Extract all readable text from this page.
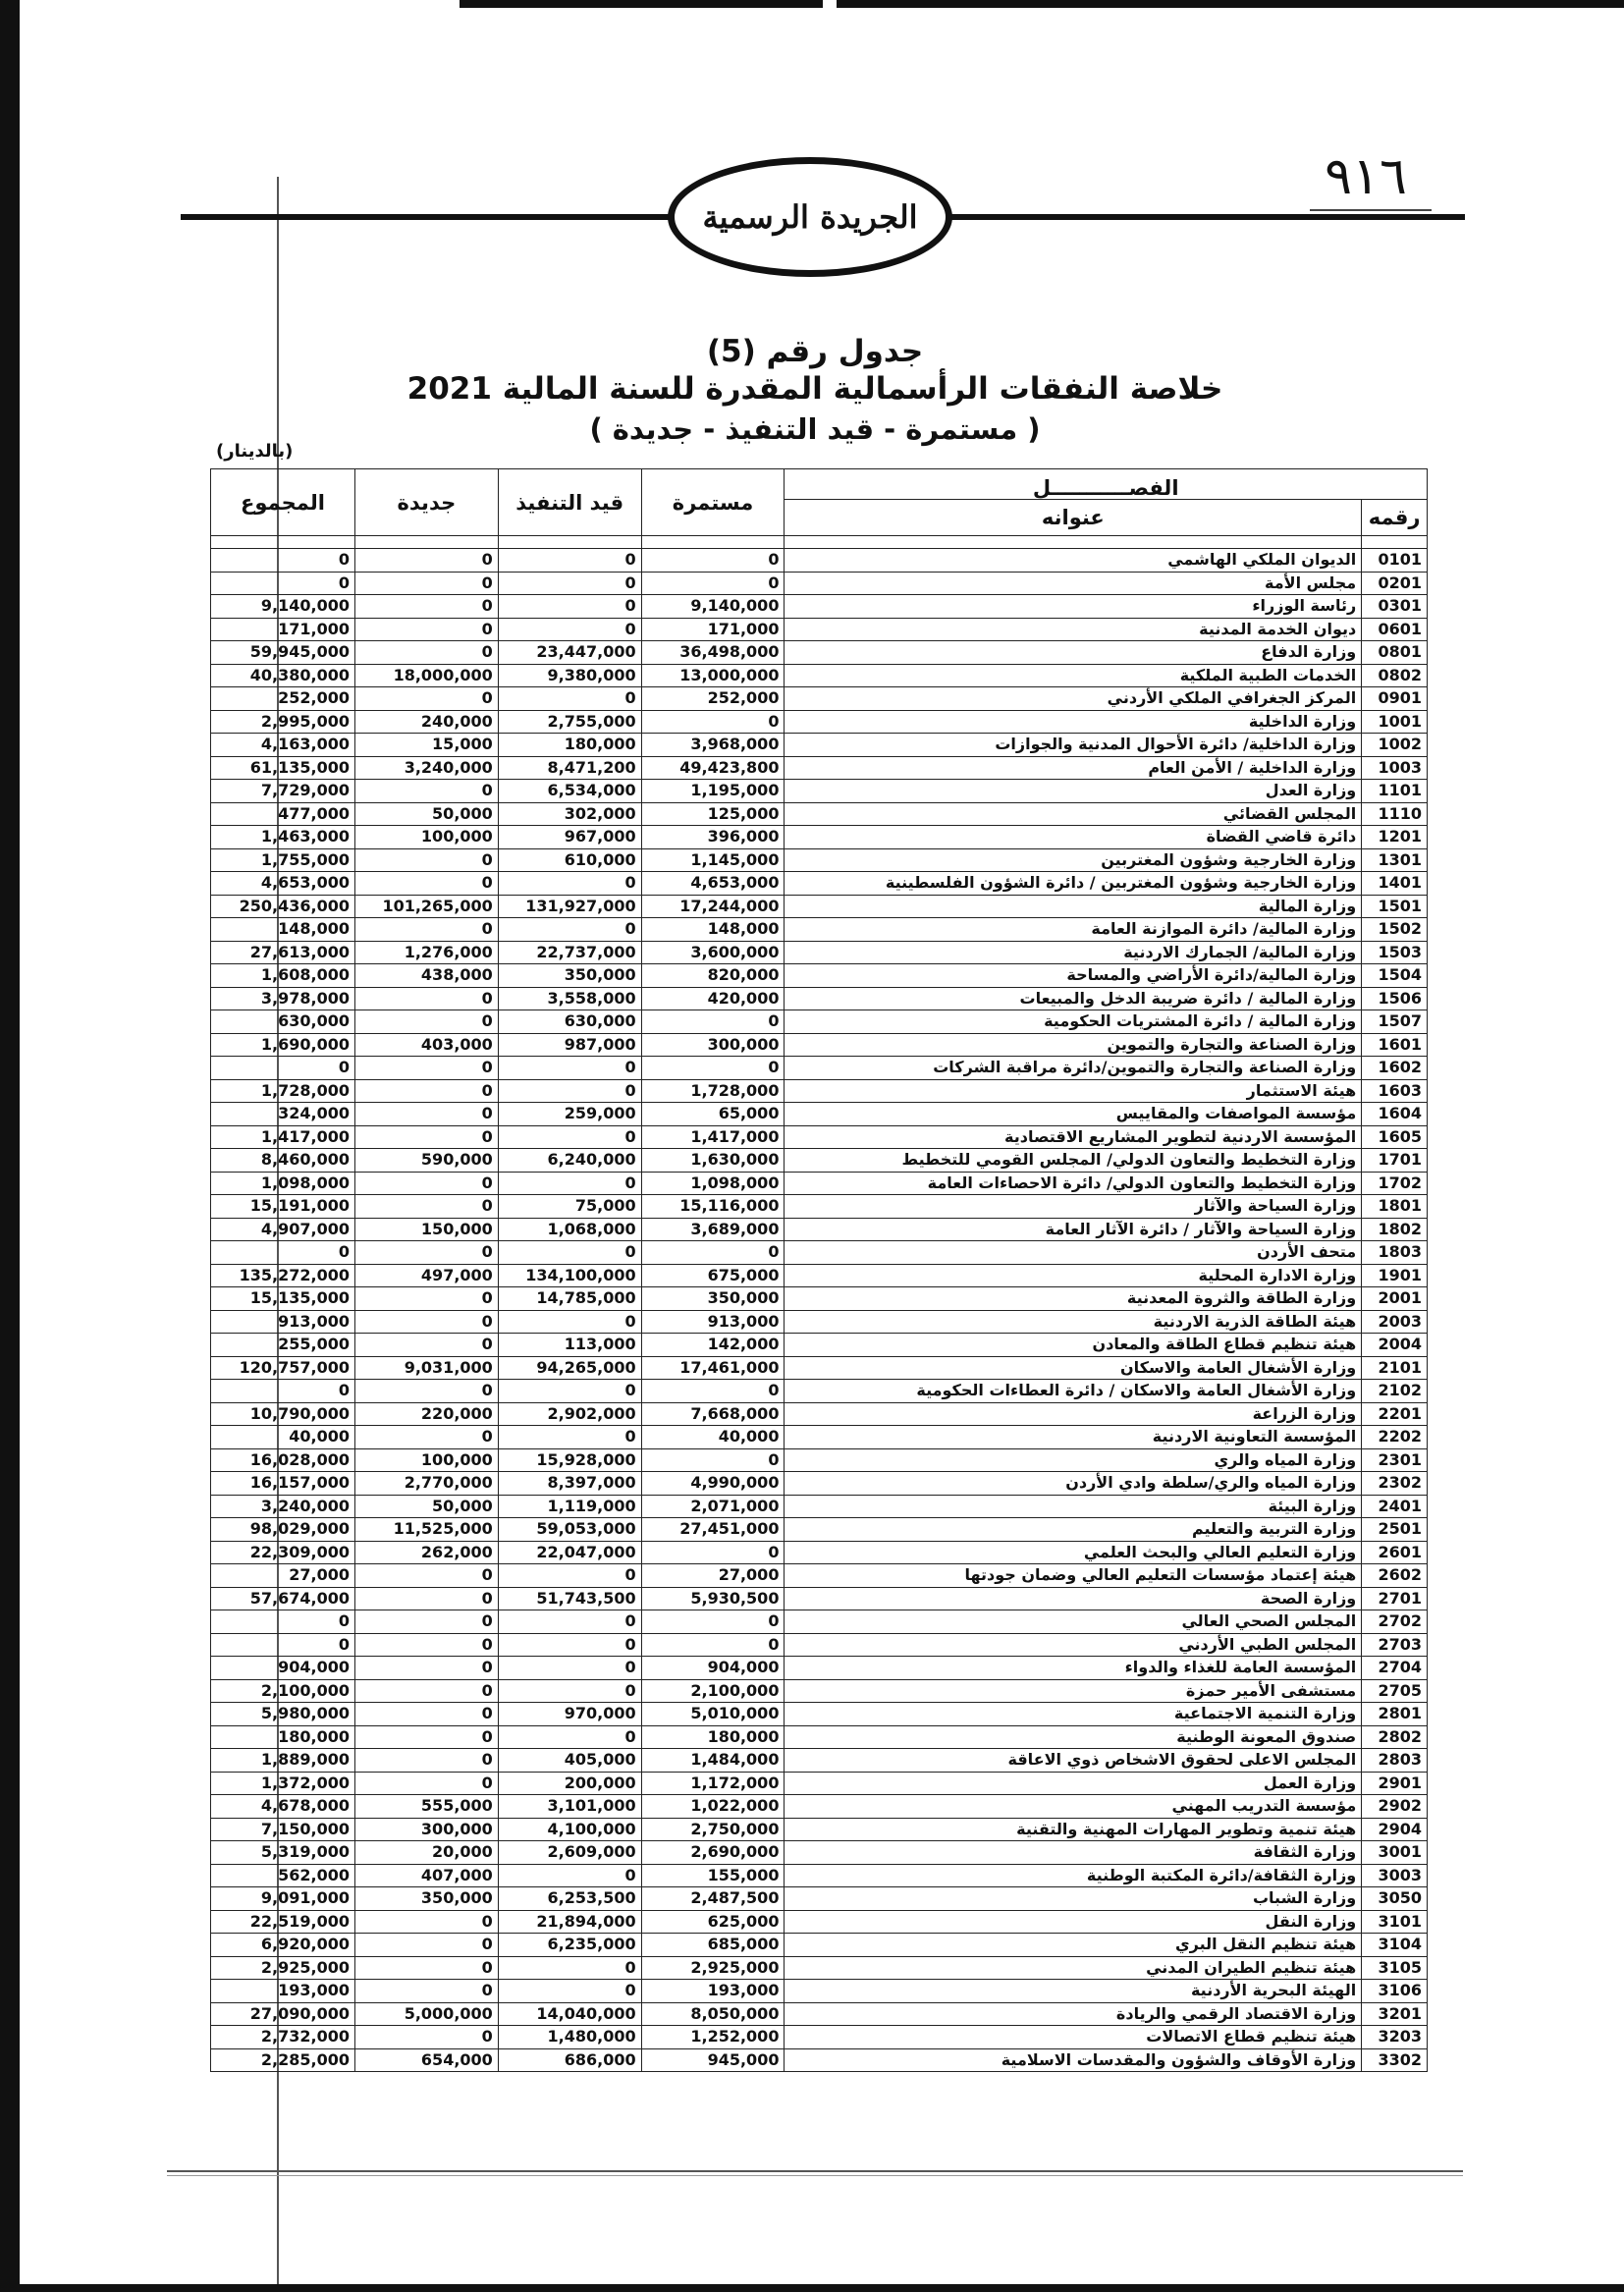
الجريدة الرسمية
٩١٦
جدول رقم (5)
خلاصة النفقات الرأسمالية المقدرة للسنة المالية 2021
( مستمرة - قيد التنفيذ - جديدة )
(بالدينار)
الفصـــــــــــل		مستمرة	قيد التنفيذ	جديدة	المجموع
رقمه	عنوانه				

0101	الديوان الملكي الهاشمي	0	0	0	0
0201	مجلس الأمة	0	0	0	0
0301	رئاسة الوزراء	9,140,000	0	0	9,140,000
0601	ديوان الخدمة المدنية	171,000	0	0	171,000
0801	وزارة الدفاع	36,498,000	23,447,000	0	59,945,000
0802	الخدمات الطبية الملكية	13,000,000	9,380,000	18,000,000	40,380,000
0901	المركز الجغرافي الملكي الأردني	252,000	0	0	252,000
1001	وزارة الداخلية	0	2,755,000	240,000	2,995,000
1002	وزارة الداخلية/ دائرة الأحوال المدنية والجوازات	3,968,000	180,000	15,000	4,163,000
1003	وزارة الداخلية / الأمن العام	49,423,800	8,471,200	3,240,000	61,135,000
1101	وزارة العدل	1,195,000	6,534,000	0	7,729,000
1110	المجلس القضائي	125,000	302,000	50,000	477,000
1201	دائرة قاضي القضاة	396,000	967,000	100,000	1,463,000
1301	وزارة الخارجية وشؤون المغتربين	1,145,000	610,000	0	1,755,000
1401	وزارة الخارجية وشؤون المغتربين / دائرة الشؤون الفلسطينية	4,653,000	0	0	4,653,000
1501	وزارة المالية	17,244,000	131,927,000	101,265,000	250,436,000
1502	وزارة المالية/ دائرة الموازنة العامة	148,000	0	0	148,000
1503	وزارة المالية/ الجمارك الاردنية	3,600,000	22,737,000	1,276,000	27,613,000
1504	وزارة المالية/دائرة الأراضي والمساحة	820,000	350,000	438,000	1,608,000
1506	وزارة المالية / دائرة ضريبة الدخل والمبيعات	420,000	3,558,000	0	3,978,000
1507	وزارة المالية / دائرة المشتريات الحكومية	0	630,000	0	630,000
1601	وزارة الصناعة والتجارة والتموين	300,000	987,000	403,000	1,690,000
1602	وزارة الصناعة والتجارة والتموين/دائرة مراقبة الشركات	0	0	0	0
1603	هيئة الاستثمار	1,728,000	0	0	1,728,000
1604	مؤسسة المواصفات والمقاييس	65,000	259,000	0	324,000
1605	المؤسسة الاردنية لتطوير المشاريع الاقتصادية	1,417,000	0	0	1,417,000
1701	وزارة التخطيط والتعاون الدولي/ المجلس القومي للتخطيط	1,630,000	6,240,000	590,000	8,460,000
1702	وزارة التخطيط والتعاون الدولي/ دائرة الاحصاءات العامة	1,098,000	0	0	1,098,000
1801	وزارة السياحة والآثار	15,116,000	75,000	0	15,191,000
1802	وزارة السياحة والآثار / دائرة الآثار العامة	3,689,000	1,068,000	150,000	4,907,000
1803	متحف الأردن	0	0	0	0
1901	وزارة الادارة المحلية	675,000	134,100,000	497,000	135,272,000
2001	وزارة الطاقة والثروة المعدنية	350,000	14,785,000	0	15,135,000
2003	هيئة الطاقة الذرية الاردنية	913,000	0	0	913,000
2004	هيئة تنظيم قطاع الطاقة والمعادن	142,000	113,000	0	255,000
2101	وزارة الأشغال العامة والاسكان	17,461,000	94,265,000	9,031,000	120,757,000
2102	وزارة الأشغال العامة والاسكان / دائرة العطاءات الحكومية	0	0	0	0
2201	وزارة الزراعة	7,668,000	2,902,000	220,000	10,790,000
2202	المؤسسة التعاونية الاردنية	40,000	0	0	40,000
2301	وزارة المياه والري	0	15,928,000	100,000	16,028,000
2302	وزارة المياه والري/سلطة وادي الأردن	4,990,000	8,397,000	2,770,000	16,157,000
2401	وزارة البيئة	2,071,000	1,119,000	50,000	3,240,000
2501	وزارة التربية والتعليم	27,451,000	59,053,000	11,525,000	98,029,000
2601	وزارة التعليم العالي والبحث العلمي	0	22,047,000	262,000	22,309,000
2602	هيئة إعتماد مؤسسات التعليم العالي وضمان جودتها	27,000	0	0	27,000
2701	وزارة الصحة	5,930,500	51,743,500	0	57,674,000
2702	المجلس الصحي العالي	0	0	0	0
2703	المجلس الطبي الأردني	0	0	0	0
2704	المؤسسة العامة للغذاء والدواء	904,000	0	0	904,000
2705	مستشفى الأمير حمزة	2,100,000	0	0	2,100,000
2801	وزارة التنمية الاجتماعية	5,010,000	970,000	0	5,980,000
2802	صندوق المعونة الوطنية	180,000	0	0	180,000
2803	المجلس الاعلى لحقوق الاشخاص ذوي الاعاقة	1,484,000	405,000	0	1,889,000
2901	وزارة العمل	1,172,000	200,000	0	1,372,000
2902	مؤسسة التدريب المهني	1,022,000	3,101,000	555,000	4,678,000
2904	هيئة تنمية وتطوير المهارات المهنية والتقنية	2,750,000	4,100,000	300,000	7,150,000
3001	وزارة الثقافة	2,690,000	2,609,000	20,000	5,319,000
3003	وزارة الثقافة/دائرة المكتبة الوطنية	155,000	0	407,000	562,000
3050	وزارة الشباب	2,487,500	6,253,500	350,000	9,091,000
3101	وزارة النقل	625,000	21,894,000	0	22,519,000
3104	هيئة تنظيم النقل البري	685,000	6,235,000	0	6,920,000
3105	هيئة تنظيم الطيران المدني	2,925,000	0	0	2,925,000
3106	الهيئة البحرية الأردنية	193,000	0	0	193,000
3201	وزارة الاقتصاد الرقمي والريادة	8,050,000	14,040,000	5,000,000	27,090,000
3203	هيئة تنظيم قطاع الاتصالات	1,252,000	1,480,000	0	2,732,000
3302	وزارة الأوقاف والشؤون والمقدسات الاسلامية	945,000	686,000	654,000	2,285,000
